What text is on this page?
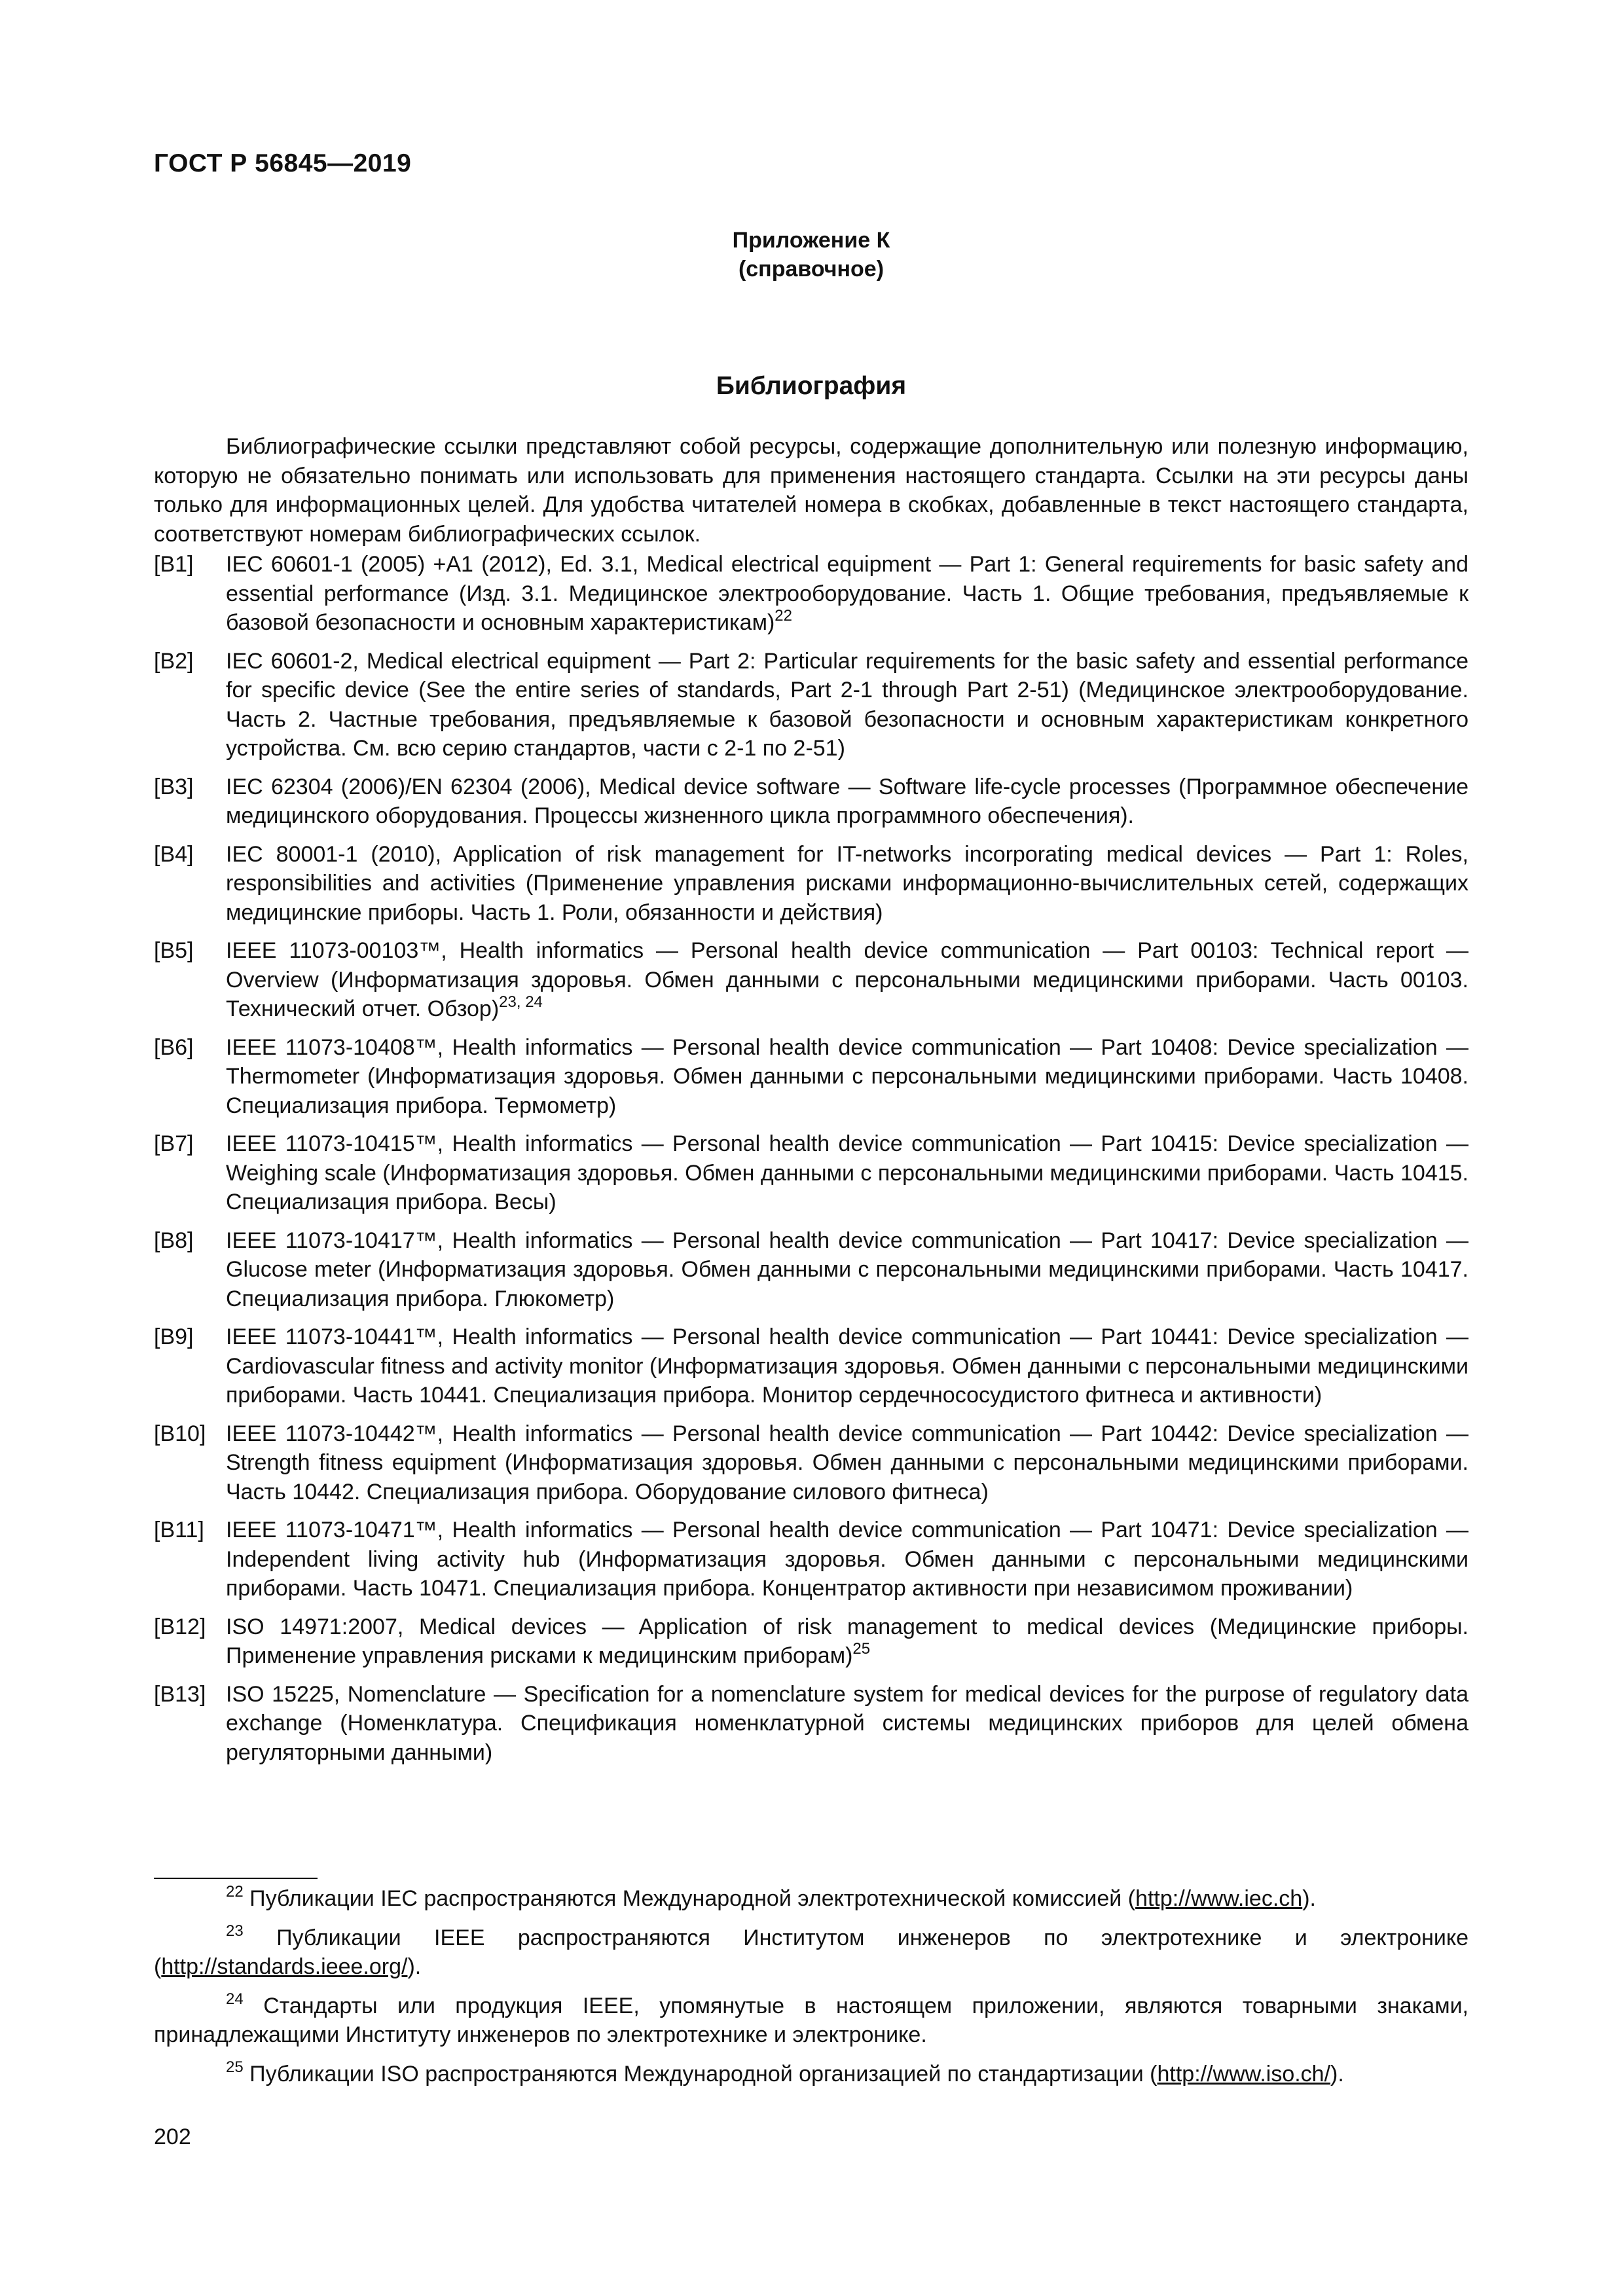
ГОСТ Р 56845—2019
Приложение К
(справочное)
Библиография

Библиографические ссылки представляют собой ресурсы, содержащие дополнительную или полезную информацию, которую не обязательно понимать или использовать для применения настоящего стандарта. Ссылки на эти ресурсы даны только для информационных целей. Для удобства читателей номера в скобках, добавленные в текст настоящего стандарта, соответствуют номерам библиографических ссылок.

[B1]	IEC 60601-1 (2005) +A1 (2012), Ed. 3.1, Medical electrical equipment — Part 1: General requirements for basic safety and essential performance (Изд. 3.1. Медицинское электрооборудование. Часть 1. Общие требования, предъявляемые к базовой безопасности и основным характеристикам)$^{22}$
[B2]	IEC 60601-2, Medical electrical equipment — Part 2: Particular requirements for the basic safety and essential performance for specific device (See the entire series of standards, Part 2-1 through Part 2-51) (Медицинское электрооборудование. Часть 2. Частные требования, предъявляемые к базовой безопасности и основным характеристикам конкретного устройства. См. всю серию стандартов, части с 2-1 по 2-51)
[B3]	IEC 62304 (2006)/EN 62304 (2006), Medical device software — Software life-cycle processes (Программное обеспечение медицинского оборудования. Процессы жизненного цикла программного обеспечения).
[B4]	IEC 80001-1 (2010), Application of risk management for IT-networks incorporating medical devices — Part 1: Roles, responsibilities and activities (Применение управления рисками информационно-вычислительных сетей, содержащих медицинские приборы. Часть 1. Роли, обязанности и действия)
[B5]	IEEE 11073-00103™, Health informatics — Personal health device communication — Part 00103: Technical report — Overview (Информатизация здоровья. Обмен данными с персональными медицинскими приборами. Часть 00103. Технический отчет. Обзор)$^{23, 24}$
[B6]	IEEE 11073-10408™, Health informatics — Personal health device communication — Part 10408: Device specialization — Thermometer (Информатизация здоровья. Обмен данными с персональными медицинскими приборами. Часть 10408. Специализация прибора. Термометр)
[B7]	IEEE 11073-10415™, Health informatics — Personal health device communication — Part 10415: Device specialization — Weighing scale (Информатизация здоровья. Обмен данными с персональными медицинскими приборами. Часть 10415. Специализация прибора. Весы)
[B8]	IEEE 11073-10417™, Health informatics — Personal health device communication — Part 10417: Device specialization — Glucose meter (Информатизация здоровья. Обмен данными с персональными медицинскими приборами. Часть 10417. Специализация прибора. Глюкометр)
[B9]	IEEE 11073-10441™, Health informatics — Personal health device communication — Part 10441: Device specialization — Cardiovascular fitness and activity monitor (Информатизация здоровья. Обмен данными с персональными медицинскими приборами. Часть 10441. Специализация прибора. Монитор сердечнососудистого фитнеса и активности)
[B10] IEEE 11073-10442™, Health informatics — Personal health device communication — Part 10442: Device specialization — Strength fitness equipment (Информатизация здоровья. Обмен данными с персональными медицинскими приборами. Часть 10442. Специализация прибора. Оборудование силового фитнеса)
[B11] IEEE 11073-10471™, Health informatics — Personal health device communication — Part 10471: Device specialization — Independent living activity hub (Информатизация здоровья. Обмен данными с персональными медицинскими приборами. Часть 10471. Специализация прибора. Концентратор активности при независимом проживании)
[B12] ISO 14971:2007, Medical devices — Application of risk management to medical devices (Медицинские приборы. Применение управления рисками к медицинским приборам)$^{25}$
[B13] ISO 15225, Nomenclature — Specification for a nomenclature system for medical devices for the purpose of regulatory data exchange (Номенклатура. Спецификация номенклатурной системы медицинских приборов для целей обмена регуляторными данными)
$^{22}$ Публикации IEC распространяются Международной электротехнической комиссией (http://www.iec.ch).
$^{23}$ Публикации IEEE распространяются Институтом инженеров по электротехнике и электронике (http://standards.ieee.org/).
$^{24}$ Стандарты или продукция IEEE, упомянутые в настоящем приложении, являются товарными знаками, принадлежащими Институту инженеров по электротехнике и электронике.
$^{25}$ Публикации ISO распространяются Международной организацией по стандартизации (http://www.iso.ch/).
202
